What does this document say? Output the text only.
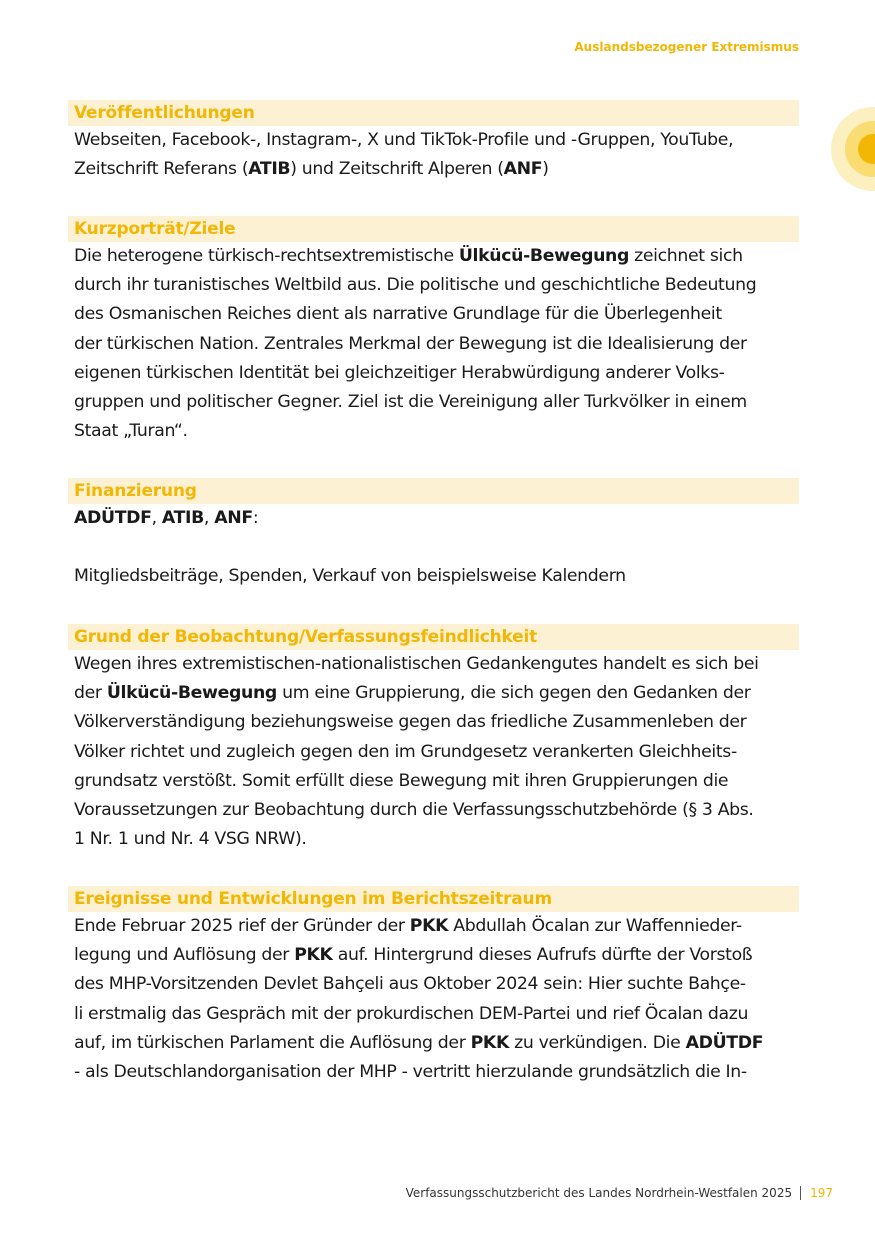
Auslandsbezogener Extremismus
Veröffentlichungen
Webseiten, Facebook-, Instagram-, X und TikTok-Profile und -Gruppen, YouTube,
Zeitschrift Referans (ATIB) und Zeitschrift Alperen (ANF)
Kurzporträt/Ziele
Die heterogene türkisch-rechtsextremistische Ülkücü-Bewegung zeichnet sich
durch ihr turanistisches Weltbild aus. Die politische und geschichtliche Bedeutung
des Osmanischen Reiches dient als narrative Grundlage für die Überlegenheit
der türkischen Nation. Zentrales Merkmal der Bewegung ist die Idealisierung der
eigenen türkischen Identität bei gleichzeitiger Herabwürdigung anderer Volks-
gruppen und politischer Gegner. Ziel ist die Vereinigung aller Turkvölker in einem
Staat „Turan“.
Finanzierung
ADÜTDF, ATIB, ANF:
Mitgliedsbeiträge, Spenden, Verkauf von beispielsweise Kalendern
Grund der Beobachtung/Verfassungsfeindlichkeit
Wegen ihres extremistischen-nationalistischen Gedankengutes handelt es sich bei
der Ülkücü-Bewegung um eine Gruppierung, die sich gegen den Gedanken der
Völkerverständigung beziehungsweise gegen das friedliche Zusammenleben der
Völker richtet und zugleich gegen den im Grundgesetz verankerten Gleichheits-
grundsatz verstößt. Somit erfüllt diese Bewegung mit ihren Gruppierungen die
Voraussetzungen zur Beobachtung durch die Verfassungsschutzbehörde (§ 3 Abs.
1 Nr. 1 und Nr. 4 VSG NRW).
Ereignisse und Entwicklungen im Berichtszeitraum
Ende Februar 2025 rief der Gründer der PKK Abdullah Öcalan zur Waffennieder-
legung und Auflösung der PKK auf. Hintergrund dieses Aufrufs dürfte der Vorstoß
des MHP-Vorsitzenden Devlet Bahçeli aus Oktober 2024 sein: Hier suchte Bahçe-
li erstmalig das Gespräch mit der prokurdischen DEM-Partei und rief Öcalan dazu
auf, im türkischen Parlament die Auflösung der PKK zu verkündigen. Die ADÜTDF
- als Deutschlandorganisation der MHP - vertritt hierzulande grundsätzlich die In-
Verfassungsschutzbericht des Landes Nordrhein-Westfalen 2025 197
